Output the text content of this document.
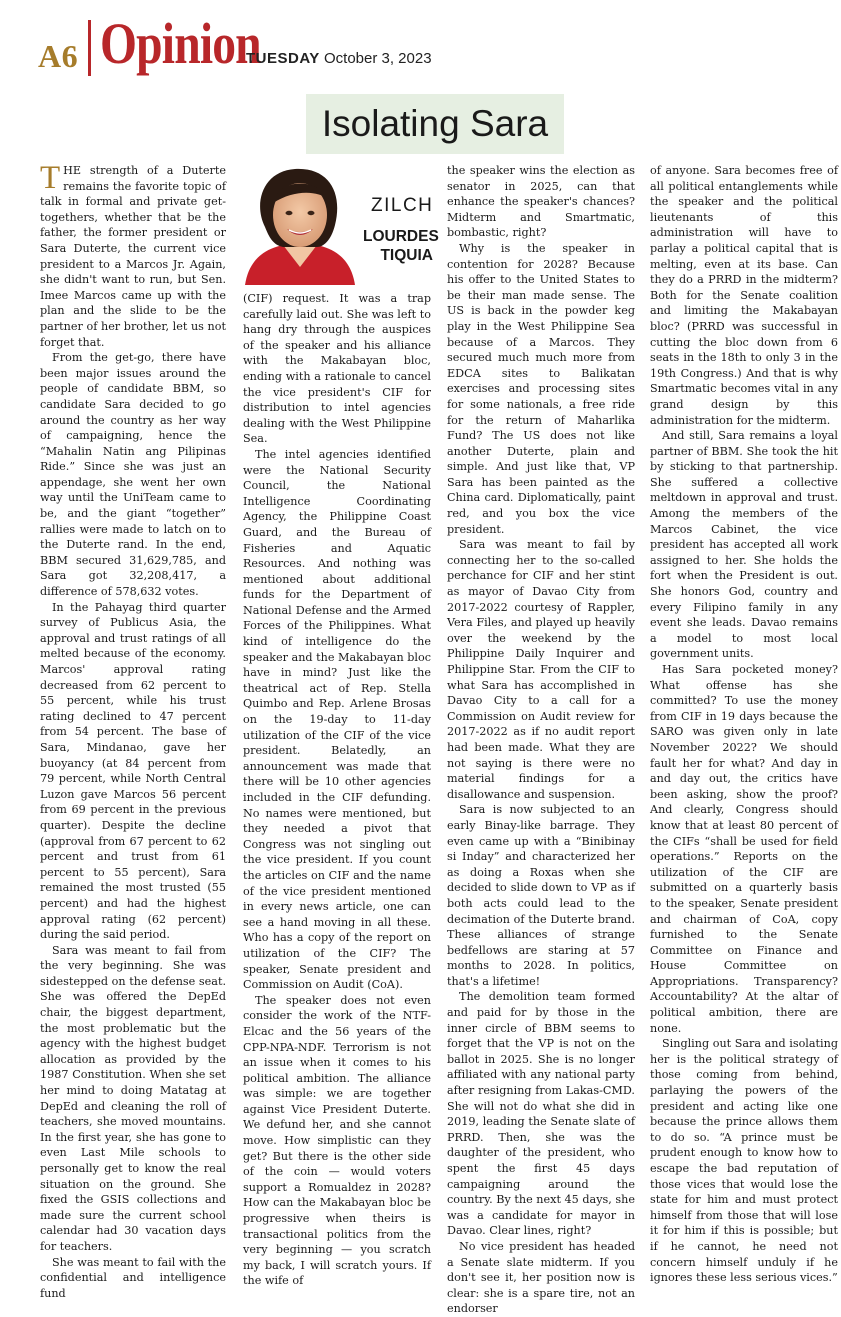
A6 Opinion
TUESDAY October 3, 2023
Isolating Sara
ZILCH
LOURDES
TIQUIA

THE strength of a Duterte remains the favorite topic of talk in formal and private get-togethers, whether that be the father, the former president or Sara Duterte, the current vice president to a Marcos Jr. Again, she didn't want to run, but Sen. Imee Marcos came up with the plan and the slide to be the partner of her brother, let us not forget that.

From the get-go, there have been major issues around the people of candidate BBM, so candidate Sara decided to go around the country as her way of campaigning, hence the “Mahalin Natin ang Pilipinas Ride.” Since she was just an appendage, she went her own way until the UniTeam came to be, and the giant “together” rallies were made to latch on to the Duterte rand. In the end, BBM secured 31,629,785, and Sara got 32,208,417, a difference of 578,632 votes.

In the Pahayag third quarter survey of Publicus Asia, the approval and trust ratings of all melted because of the economy. Marcos' approval rating decreased from 62 percent to 55 percent, while his trust rating declined to 47 percent from 54 percent. The base of Sara, Mindanao, gave her buoyancy (at 84 percent from 79 percent, while North Central Luzon gave Marcos 56 percent from 69 percent in the previous quarter). Despite the decline (approval from 67 percent to 62 percent and trust from 61 percent to 55 percent), Sara remained the most trusted (55 percent) and had the highest approval rating (62 percent) during the said period.

Sara was meant to fail from the very beginning. She was sidestepped on the defense seat. She was offered the DepEd chair, the biggest department, the most problematic but the agency with the highest budget allocation as provided by the 1987 Constitution. When she set her mind to doing Matatag at DepEd and cleaning the roll of teachers, she moved mountains. In the first year, she has gone to even Last Mile schools to personally get to know the real situation on the ground. She fixed the GSIS collections and made sure the current school calendar had 30 vacation days for teachers.

She was meant to fail with the confidential and intelligence fund

(CIF) request. It was a trap carefully laid out. She was left to hang dry through the auspices of the speaker and his alliance with the Makabayan bloc, ending with a rationale to cancel the vice president's CIF for distribution to intel agencies dealing with the West Philippine Sea.

The intel agencies identified were the National Security Council, the National Intelligence Coordinating Agency, the Philippine Coast Guard, and the Bureau of Fisheries and Aquatic Resources. And nothing was mentioned about additional funds for the Department of National Defense and the Armed Forces of the Philippines. What kind of intelligence do the speaker and the Makabayan bloc have in mind? Just like the theatrical act of Rep. Stella Quimbo and Rep. Arlene Brosas on the 19-day to 11-day utilization of the CIF of the vice president. Belatedly, an announcement was made that there will be 10 other agencies included in the CIF defunding. No names were mentioned, but they needed a pivot that Congress was not singling out the vice president. If you count the articles on CIF and the name of the vice president mentioned in every news article, one can see a hand moving in all these. Who has a copy of the report on utilization of the CIF? The speaker, Senate president and Commission on Audit (CoA).

The speaker does not even consider the work of the NTF-Elcac and the 56 years of the CPP-NPA-NDF. Terrorism is not an issue when it comes to his political ambition. The alliance was simple: we are together against Vice President Duterte. We defund her, and she cannot move. How simplistic can they get? But there is the other side of the coin — would voters support a Romualdez in 2028? How can the Makabayan bloc be progressive when theirs is transactional politics from the very beginning — you scratch my back, I will scratch yours. If the wife of

the speaker wins the election as senator in 2025, can that enhance the speaker's chances? Midterm and Smartmatic, bombastic, right?

Why is the speaker in contention for 2028? Because his offer to the United States to be their man made sense. The US is back in the powder keg play in the West Philippine Sea because of a Marcos. They secured much much more from EDCA sites to Balikatan exercises and processing sites for some nationals, a free ride for the return of Maharlika Fund? The US does not like another Duterte, plain and simple. And just like that, VP Sara has been painted as the China card. Diplomatically, paint red, and you box the vice president.

Sara was meant to fail by connecting her to the so-called perchance for CIF and her stint as mayor of Davao City from 2017-2022 courtesy of Rappler, Vera Files, and played up heavily over the weekend by the Philippine Daily Inquirer and Philippine Star. From the CIF to what Sara has accomplished in Davao City to a call for a Commission on Audit review for 2017-2022 as if no audit report had been made. What they are not saying is there were no material findings for a disallowance and suspension.

Sara is now subjected to an early Binay-like barrage. They even came up with a “Binibinay si Inday” and characterized her as doing a Roxas when she decided to slide down to VP as if both acts could lead to the decimation of the Duterte brand. These alliances of strange bedfellows are staring at 57 months to 2028. In politics, that's a lifetime!

The demolition team formed and paid for by those in the inner circle of BBM seems to forget that the VP is not on the ballot in 2025. She is no longer affiliated with any national party after resigning from Lakas-CMD. She will not do what she did in 2019, leading the Senate slate of PRRD. Then, she was the daughter of the president, who spent the first 45 days campaigning around the country. By the next 45 days, she was a candidate for mayor in Davao. Clear lines, right?

No vice president has headed a Senate slate midterm. If you don't see it, her position now is clear: she is a spare tire, not an endorser

of anyone. Sara becomes free of all political entanglements while the speaker and the political lieutenants of this administration will have to parlay a political capital that is melting, even at its base. Can they do a PRRD in the midterm? Both for the Senate coalition and limiting the Makabayan bloc? (PRRD was successful in cutting the bloc down from 6 seats in the 18th to only 3 in the 19th Congress.) And that is why Smartmatic becomes vital in any grand design by this administration for the midterm.

And still, Sara remains a loyal partner of BBM. She took the hit by sticking to that partnership. She suffered a collective meltdown in approval and trust. Among the members of the Marcos Cabinet, the vice president has accepted all work assigned to her. She holds the fort when the President is out. She honors God, country and every Filipino family in any event she leads. Davao remains a model to most local government units.

Has Sara pocketed money? What offense has she committed? To use the money from CIF in 19 days because the SARO was given only in late November 2022? We should fault her for what? And day in and day out, the critics have been asking, show the proof? And clearly, Congress should know that at least 80 percent of the CIFs “shall be used for field operations.” Reports on the utilization of the CIF are submitted on a quarterly basis to the speaker, Senate president and chairman of CoA, copy furnished to the Senate Committee on Finance and House Committee on Appropriations. Transparency? Accountability? At the altar of political ambition, there are none.

Singling out Sara and isolating her is the political strategy of those coming from behind, parlaying the powers of the president and acting like one because the prince allows them to do so. “A prince must be prudent enough to know how to escape the bad reputation of those vices that would lose the state for him and must protect himself from those that will lose it for him if this is possible; but if he cannot, he need not concern himself unduly if he ignores these less serious vices.”
